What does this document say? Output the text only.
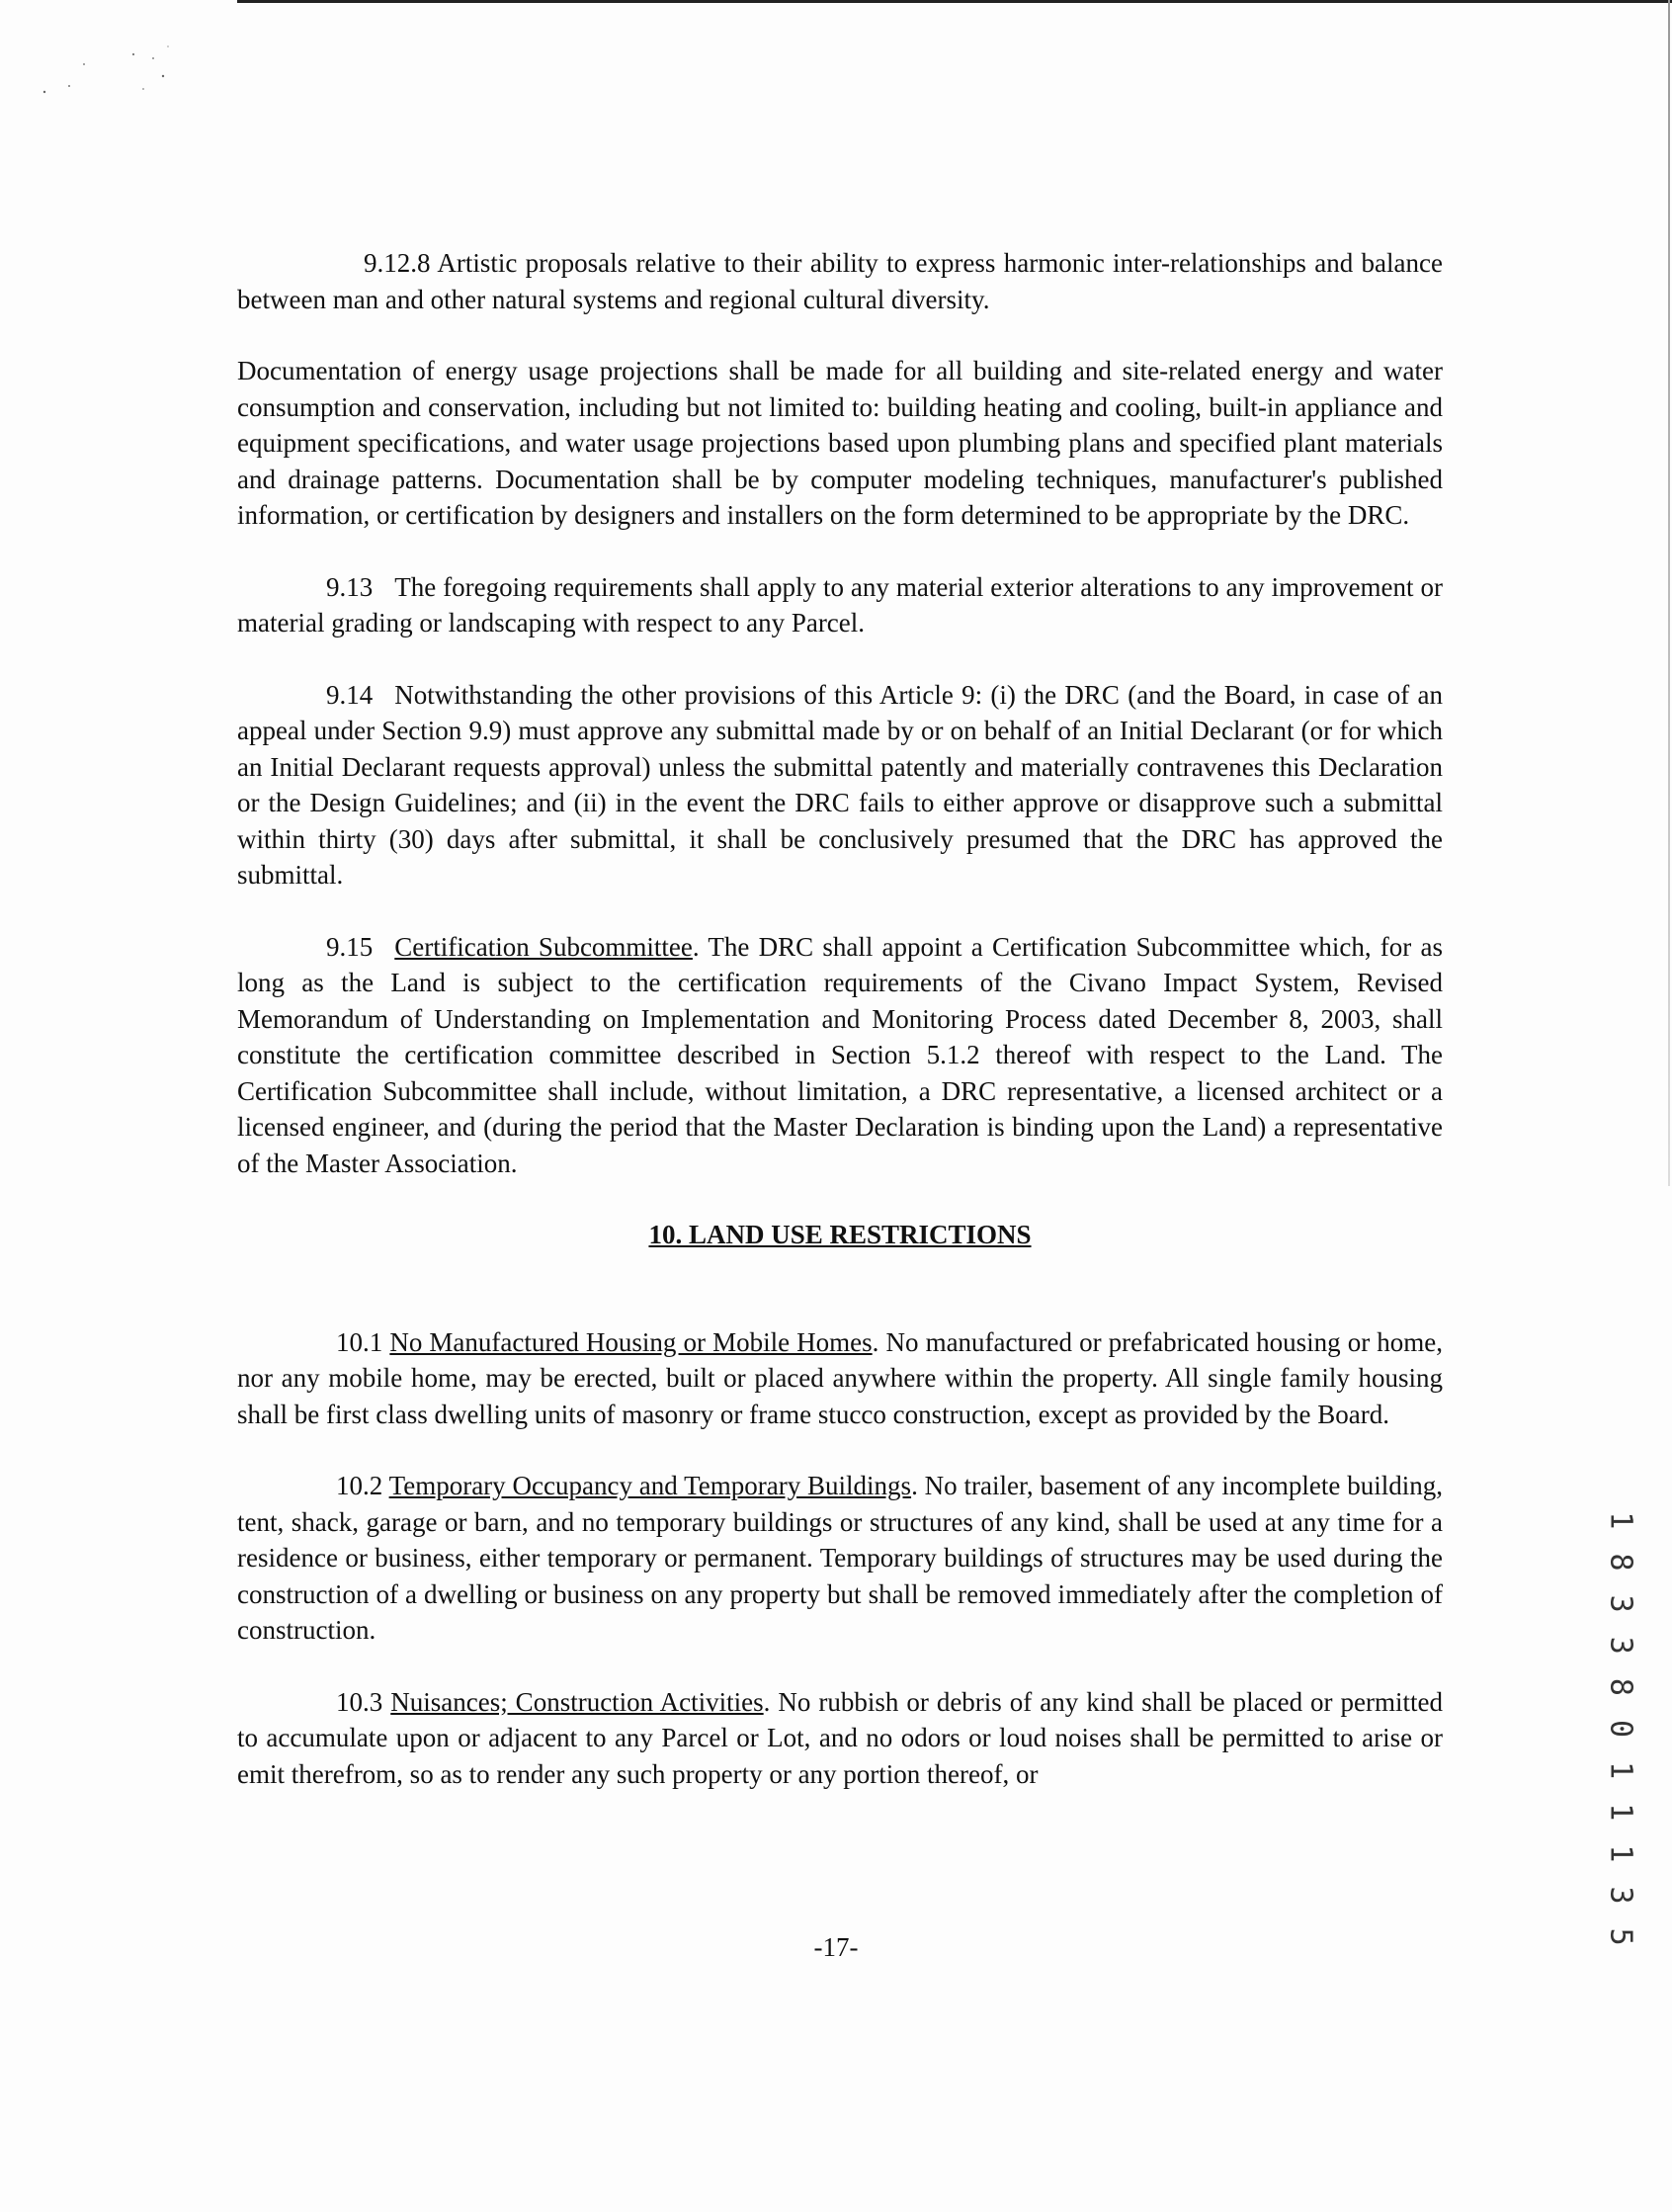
9.12.8 Artistic proposals relative to their ability to express harmonic inter-relationships and balance between man and other natural systems and regional cultural diversity.

Documentation of energy usage projections shall be made for all building and site-related energy and water consumption and conservation, including but not limited to: building heating and cooling, built-in appliance and equipment specifications, and water usage projections based upon plumbing plans and specified plant materials and drainage patterns. Documentation shall be by computer modeling techniques, manufacturer's published information, or certification by designers and installers on the form determined to be appropriate by the DRC.

9.13 The foregoing requirements shall apply to any material exterior alterations to any improvement or material grading or landscaping with respect to any Parcel.

9.14 Notwithstanding the other provisions of this Article 9: (i) the DRC (and the Board, in case of an appeal under Section 9.9) must approve any submittal made by or on behalf of an Initial Declarant (or for which an Initial Declarant requests approval) unless the submittal patently and materially contravenes this Declaration or the Design Guidelines; and (ii) in the event the DRC fails to either approve or disapprove such a submittal within thirty (30) days after submittal, it shall be conclusively presumed that the DRC has approved the submittal.

9.15 Certification Subcommittee. The DRC shall appoint a Certification Subcommittee which, for as long as the Land is subject to the certification requirements of the Civano Impact System, Revised Memorandum of Understanding on Implementation and Monitoring Process dated December 8, 2003, shall constitute the certification committee described in Section 5.1.2 thereof with respect to the Land. The Certification Subcommittee shall include, without limitation, a DRC representative, a licensed architect or a licensed engineer, and (during the period that the Master Declaration is binding upon the Land) a representative of the Master Association.

10. LAND USE RESTRICTIONS

10.1 No Manufactured Housing or Mobile Homes. No manufactured or prefabricated housing or home, nor any mobile home, may be erected, built or placed anywhere within the property. All single family housing shall be first class dwelling units of masonry or frame stucco construction, except as provided by the Board.

10.2 Temporary Occupancy and Temporary Buildings. No trailer, basement of any incomplete building, tent, shack, garage or barn, and no temporary buildings or structures of any kind, shall be used at any time for a residence or business, either temporary or permanent. Temporary buildings of structures may be used during the construction of a dwelling or business on any property but shall be removed immediately after the completion of construction.

10.3 Nuisances; Construction Activities. No rubbish or debris of any kind shall be placed or permitted to accumulate upon or adjacent to any Parcel or Lot, and no odors or loud noises shall be permitted to arise or emit therefrom, so as to render any such property or any portion thereof, or

-17-	1 8 3 3 8 0 1 1 1 3 5
